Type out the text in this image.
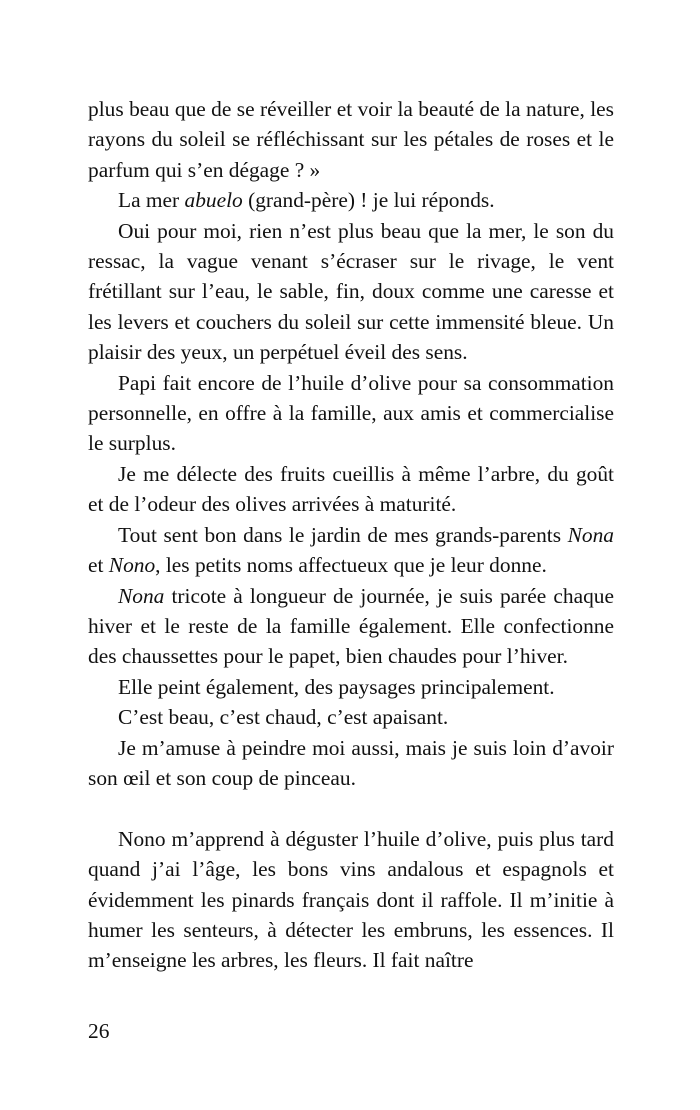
plus beau que de se réveiller et voir la beauté de la nature, les rayons du soleil se réfléchissant sur les pétales de roses et le parfum qui s’en dégage ? »

La mer abuelo (grand-père) ! je lui réponds.

Oui pour moi, rien n’est plus beau que la mer, le son du ressac, la vague venant s’écraser sur le rivage, le vent frétillant sur l’eau, le sable, fin, doux comme une caresse et les levers et couchers du soleil sur cette immensité bleue. Un plaisir des yeux, un perpétuel éveil des sens.

Papi fait encore de l’huile d’olive pour sa consommation personnelle, en offre à la famille, aux amis et commercialise le surplus.

Je me délecte des fruits cueillis à même l’arbre, du goût et de l’odeur des olives arrivées à maturité.

Tout sent bon dans le jardin de mes grands-parents Nona et Nono, les petits noms affectueux que je leur donne.

Nona tricote à longueur de journée, je suis parée chaque hiver et le reste de la famille également. Elle confectionne des chaussettes pour le papet, bien chaudes pour l’hiver.

Elle peint également, des paysages principalement.

C’est beau, c’est chaud, c’est apaisant.

Je m’amuse à peindre moi aussi, mais je suis loin d’avoir son œil et son coup de pinceau.

Nono m’apprend à déguster l’huile d’olive, puis plus tard quand j’ai l’âge, les bons vins andalous et espagnols et évidemment les pinards français dont il raffole. Il m’initie à humer les senteurs, à détecter les embruns, les essences. Il m’enseigne les arbres, les fleurs. Il fait naître

26
